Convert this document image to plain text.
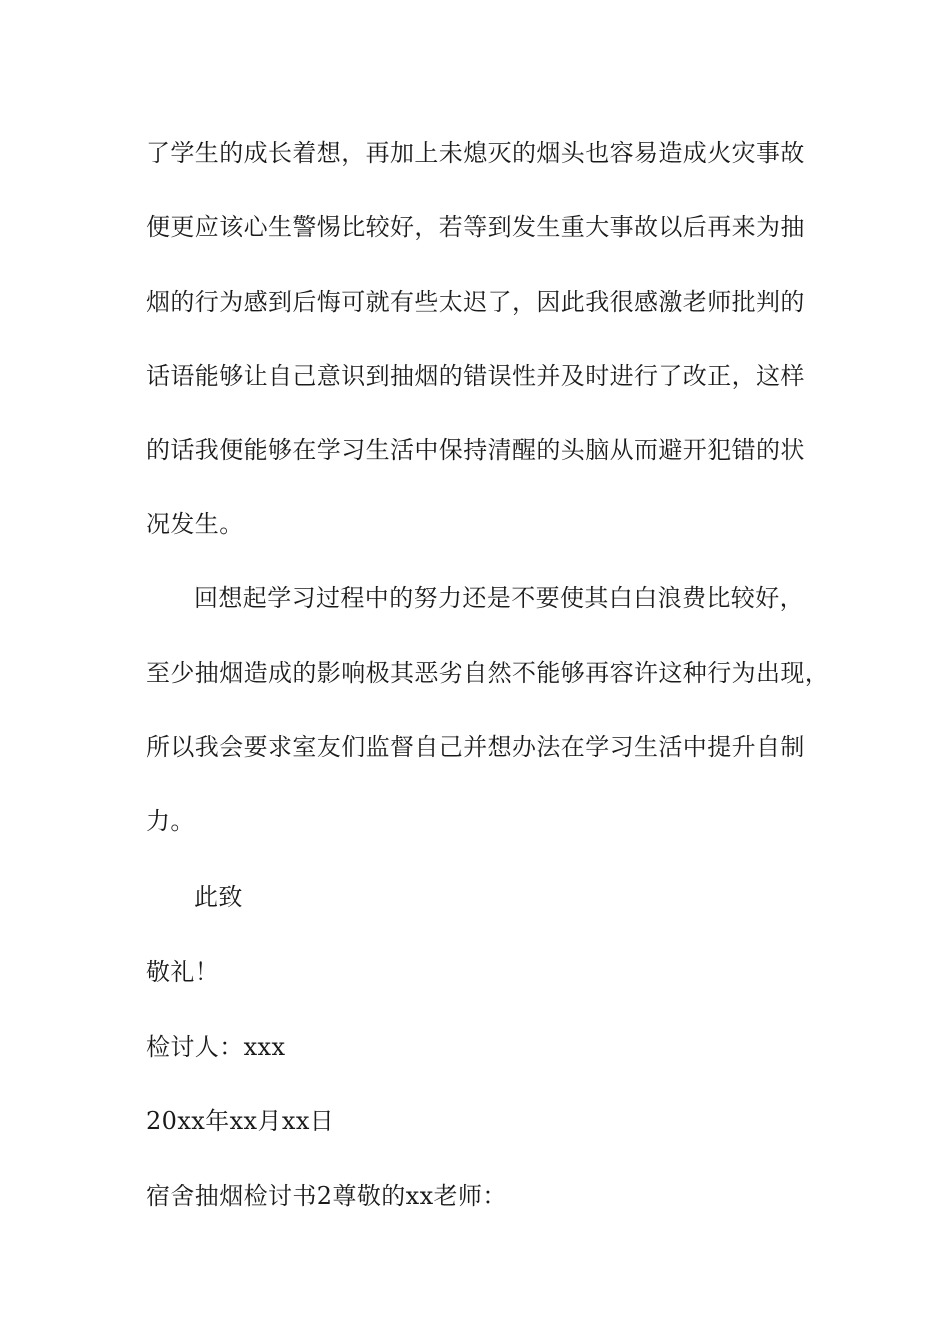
了学生的成长着想，再加上未熄灭的烟头也容易造成火灾事故
便更应该心生警惕比较好，若等到发生重大事故以后再来为抽
烟的行为感到后悔可就有些太迟了，因此我很感激老师批判的
话语能够让自己意识到抽烟的错误性并及时进行了改正，这样
的话我便能够在学习生活中保持清醒的头脑从而避开犯错的状
况发生。
回想起学习过程中的努力还是不要使其白白浪费比较好，
至少抽烟造成的影响极其恶劣自然不能够再容许这种行为出现，
所以我会要求室友们监督自己并想办法在学习生活中提升自制
力。
此致
敬礼！
检讨人：xxx
20xx年xx月xx日
宿舍抽烟检讨书2尊敬的xx老师：
